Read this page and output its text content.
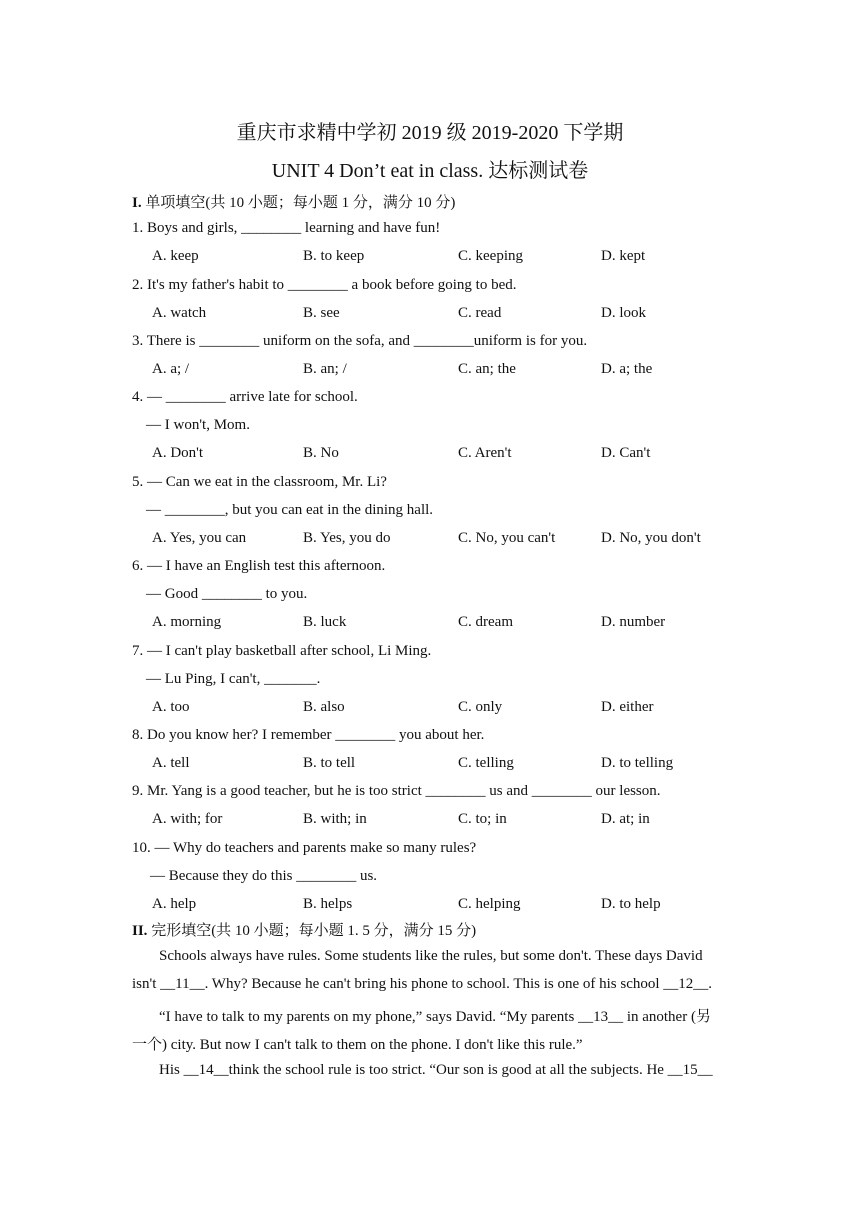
重庆市求精中学初 2019 级 2019-2020 下学期
UNIT 4 Don’t eat in class. 达标测试卷
I. 单项填空(共 10 小题；每小题 1 分，满分 10 分)
1. Boys and girls, ________ learning and have fun!
A. keep	B. to keep	C. keeping	D. kept
2. It's my father's habit to ________ a book before going to bed.
A. watch	B. see	C. read	D. look
3. There is ________ uniform on the sofa, and ________uniform is for you.
A. a; /	B. an; /	C. an; the	D. a; the
4. — ________ arrive late for school.
— I won't, Mom.
A. Don't	B. No	C. Aren't	D. Can't
5. — Can we eat in the classroom, Mr. Li?
— ________, but you can eat in the dining hall.
A. Yes, you can	B. Yes, you do	C. No, you can't	D. No, you don't
6. — I have an English test this afternoon.
— Good ________ to you.
A. morning	B. luck	C. dream	D. number
7. — I can't play basketball after school, Li Ming.
— Lu Ping, I can't, _______.
A. too	B. also	C. only	D. either
8. Do you know her? I remember ________ you about her.
A. tell	B. to tell	C. telling	D. to telling
9. Mr. Yang is a good teacher, but he is too strict ________ us and ________ our lesson.
A. with; for	B. with; in	C. to; in	D. at; in
10. — Why do teachers and parents make so many rules?
— Because they do this ________ us.
A. help	B. helps	C. helping	D. to help
II. 完形填空(共 10 小题；每小题 1. 5 分，满分 15 分)
Schools always have rules. Some students like the rules, but some don't. These days David
isn't __11__. Why? Because he can't bring his phone to school. This is one of his school __12__.
“I have to talk to my parents on my phone,” says David. “My parents __13__ in another (另
一个) city. But now I can't talk to them on the phone. I don't like this rule.”
His __14__think the school rule is too strict. “Our son is good at all the subjects. He __15__
